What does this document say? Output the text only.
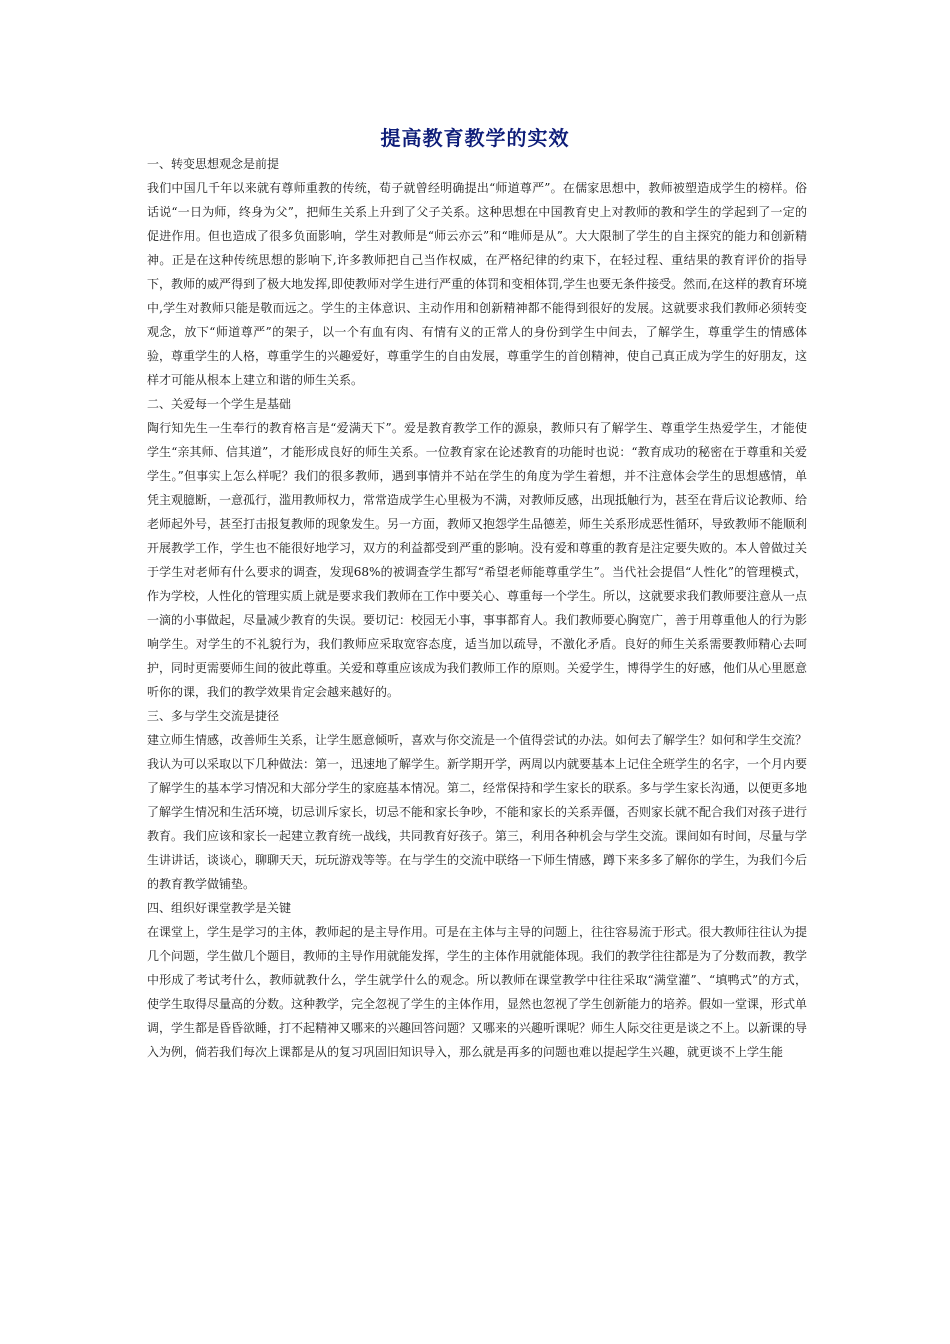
提高教育教学的实效

一、转变思想观念是前提

我们中国几千年以来就有尊师重教的传统，荀子就曾经明确提出“师道尊严”。在儒家思想中，教师被塑造成学生的榜样。俗话说“一日为师，终身为父”，把师生关系上升到了父子关系。这种思想在中国教育史上对教师的教和学生的学起到了一定的促进作用。但也造成了很多负面影响，学生对教师是“师云亦云”和“唯师是从”。大大限制了学生的自主探究的能力和创新精神。正是在这种传统思想的影响下,许多教师把自己当作权威，在严格纪律的约束下，在轻过程、重结果的教育评价的指导下，教师的威严得到了极大地发挥,即使教师对学生进行严重的体罚和变相体罚,学生也要无条件接受。然而,在这样的教育环境中,学生对教师只能是敬而远之。学生的主体意识、主动作用和创新精神都不能得到很好的发展。这就要求我们教师必须转变观念，放下“师道尊严”的架子，以一个有血有肉、有情有义的正常人的身份到学生中间去，了解学生，尊重学生的情感体验，尊重学生的人格，尊重学生的兴趣爱好，尊重学生的自由发展，尊重学生的首创精神，使自己真正成为学生的好朋友，这样才可能从根本上建立和谐的师生关系。

二、关爱每一个学生是基础

陶行知先生一生奉行的教育格言是“爱满天下”。爱是教育教学工作的源泉，教师只有了解学生、尊重学生热爱学生，才能使学生“亲其师、信其道”，才能形成良好的师生关系。一位教育家在论述教育的功能时也说：“教育成功的秘密在于尊重和关爱学生。”但事实上怎么样呢？我们的很多教师，遇到事情并不站在学生的角度为学生着想，并不注意体会学生的思想感情，单凭主观臆断，一意孤行，滥用教师权力，常常造成学生心里极为不满，对教师反感，出现抵触行为，甚至在背后议论教师、给老师起外号，甚至打击报复教师的现象发生。另一方面，教师又抱怨学生品德差，师生关系形成恶性循环，导致教师不能顺利开展教学工作，学生也不能很好地学习，双方的利益都受到严重的影响。没有爱和尊重的教育是注定要失败的。本人曾做过关于学生对老师有什么要求的调查，发现68%的被调查学生都写“希望老师能尊重学生”。当代社会提倡“人性化”的管理模式，作为学校，人性化的管理实质上就是要求我们教师在工作中要关心、尊重每一个学生。所以，这就要求我们教师要注意从一点一滴的小事做起，尽量减少教育的失误。要切记：校园无小事，事事都育人。我们教师要心胸宽广，善于用尊重他人的行为影响学生。对学生的不礼貌行为，我们教师应采取宽容态度，适当加以疏导，不激化矛盾。良好的师生关系需要教师精心去呵护，同时更需要师生间的彼此尊重。关爱和尊重应该成为我们教师工作的原则。关爱学生，博得学生的好感，他们从心里愿意听你的课，我们的教学效果肯定会越来越好的。

三、多与学生交流是捷径

建立师生情感，改善师生关系，让学生愿意倾听，喜欢与你交流是一个值得尝试的办法。如何去了解学生？如何和学生交流？我认为可以采取以下几种做法：第一，迅速地了解学生。新学期开学，两周以内就要基本上记住全班学生的名字，一个月内要了解学生的基本学习情况和大部分学生的家庭基本情况。第二，经常保持和学生家长的联系。多与学生家长沟通，以便更多地了解学生情况和生活环境，切忌训斥家长，切忌不能和家长争吵，不能和家长的关系弄僵，否则家长就不配合我们对孩子进行教育。我们应该和家长一起建立教育统一战线，共同教育好孩子。第三，利用各种机会与学生交流。课间如有时间，尽量与学生讲讲话，谈谈心，聊聊天天，玩玩游戏等等。在与学生的交流中联络一下师生情感，蹲下来多多了解你的学生，为我们今后的教育教学做铺垫。

四、组织好课堂教学是关键

在课堂上，学生是学习的主体，教师起的是主导作用。可是在主体与主导的问题上，往往容易流于形式。很大教师往往认为提几个问题，学生做几个题目，教师的主导作用就能发挥，学生的主体作用就能体现。我们的教学往往都是为了分数而教，教学中形成了考试考什么，教师就教什么，学生就学什么的观念。所以教师在课堂教学中往往采取“满堂灌”、“填鸭式”的方式，使学生取得尽量高的分数。这种教学，完全忽视了学生的主体作用，显然也忽视了学生创新能力的培养。假如一堂课，形式单调，学生都是昏昏欲睡，打不起精神又哪来的兴趣回答问题？又哪来的兴趣听课呢？师生人际交往更是谈之不上。以新课的导入为例，倘若我们每次上课都是从的复习巩固旧知识导入，那么就是再多的问题也难以提起学生兴趣，就更谈不上学生能
